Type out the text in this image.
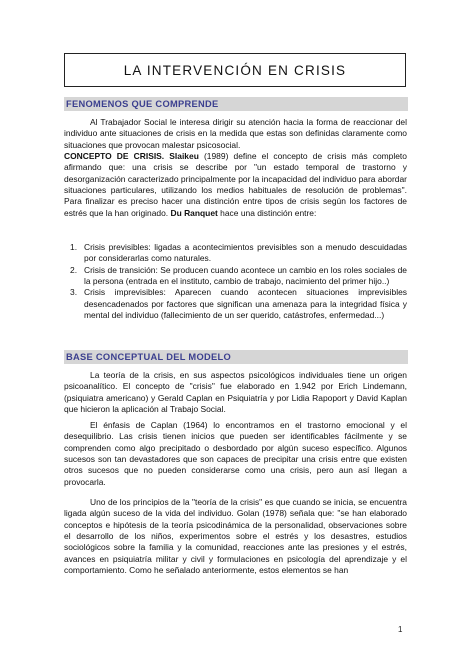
LA INTERVENCIÓN EN CRISIS
FENOMENOS QUE COMPRENDE

Al Trabajador Social le interesa dirigir su atención hacia la forma de reaccionar del individuo ante situaciones de crisis en la medida que estas son definidas claramente como situaciones que provocan malestar psicosocial.

CONCEPTO DE CRISIS. Slaikeu (1989) define el concepto de crisis más completo afirmando que: una crisis se describe por "un estado temporal de trastorno y desorganización caracterizado principalmente por la incapacidad del individuo para abordar situaciones particulares, utilizando los medios habituales de resolución de problemas". Para finalizar es preciso hacer una distinción entre tipos de crisis según los factores de estrés que la han originado. Du Ranquet hace una distinción entre:

1. Crisis previsibles: ligadas a acontecimientos previsibles son a menudo descuidadas por considerarlas como naturales.
2. Crisis de transición: Se producen cuando acontece un cambio en los roles sociales de la persona (entrada en el instituto, cambio de trabajo, nacimiento del primer hijo..)
3. Crisis imprevisibles: Aparecen cuando acontecen situaciones imprevisibles desencadenados por factores que significan una amenaza para la integridad física y mental del individuo (fallecimiento de un ser querido, catástrofes, enfermedad...)
BASE CONCEPTUAL DEL MODELO

La teoría de la crisis, en sus aspectos psicológicos individuales tiene un origen psicoanalítico. El concepto de "crisis" fue elaborado en 1.942 por Erich Lindemann, (psiquiatra americano) y Gerald Caplan en Psiquiatría y por Lidia Rapoport y David Kaplan que hicieron la aplicación al Trabajo Social.

El énfasis de Caplan (1964) lo encontramos en el trastorno emocional y el desequilibrio. Las crisis tienen inicios que pueden ser identificables fácilmente y se comprenden como algo precipitado o desbordado por algún suceso específico. Algunos sucesos son tan devastadores que son capaces de precipitar una crisis entre que existen otros sucesos que no pueden considerarse como una crisis, pero aun así llegan a provocarla.

Uno de los principios de la "teoría de la crisis" es que cuando se inicia, se encuentra ligada algún suceso de la vida del individuo. Golan (1978) señala que: "se han elaborado conceptos e hipótesis de la teoría psicodinámica de la personalidad, observaciones sobre el desarrollo de los niños, experimentos sobre el estrés y los desastres, estudios sociológicos sobre la familia y la comunidad, reacciones ante las presiones y el estrés, avances en psiquiatría militar y civil y formulaciones en psicología del aprendizaje y el comportamiento. Como he señalado anteriormente, estos elementos se han

1
